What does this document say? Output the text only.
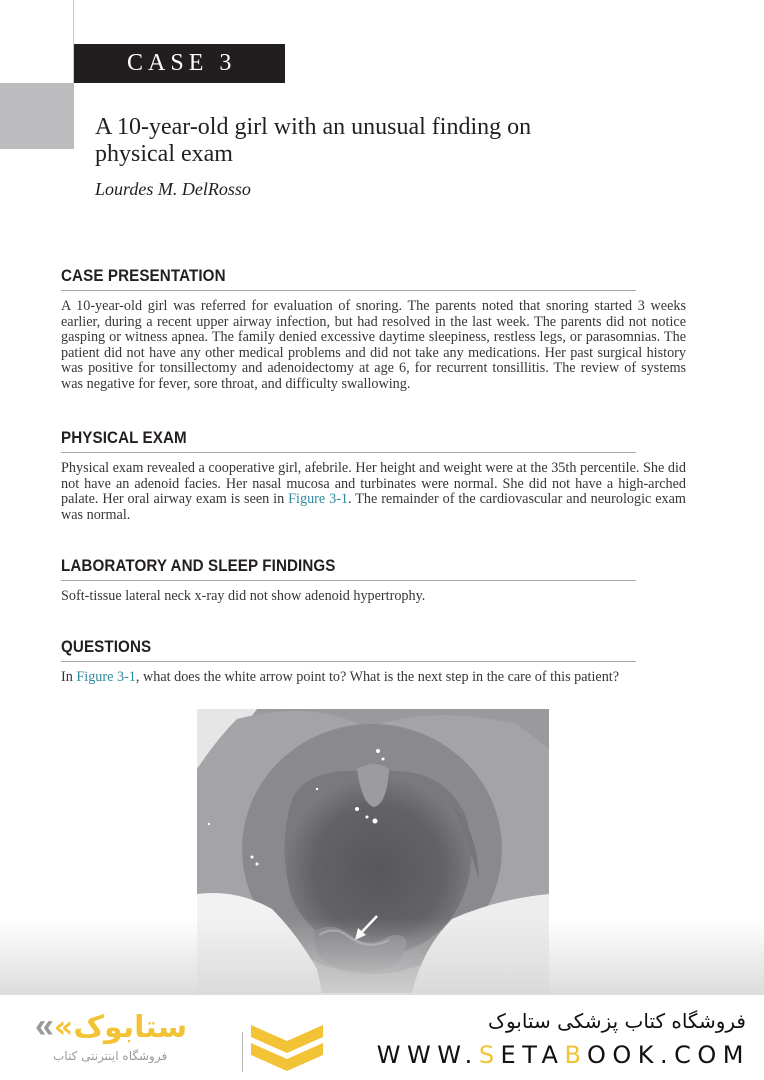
CASE 3
A 10-year-old girl with an unusual finding on
physical exam
Lourdes M. DelRosso
CASE PRESENTATION

A 10-year-old girl was referred for evaluation of snoring. The parents noted that snoring started 3 weeks earlier, during a recent upper airway infection, but had resolved in the last week. The parents did not notice gasping or witness apnea. The family denied excessive daytime sleepiness, restless legs, or parasomnias. The patient did not have any other medical problems and did not take any medications. Her past surgical history was positive for tonsillectomy and adenoidectomy at age 6, for recurrent tonsillitis. The review of systems was negative for fever, sore throat, and difficulty swallowing.

PHYSICAL EXAM

Physical exam revealed a cooperative girl, afebrile. Her height and weight were at the 35th percentile. She did not have an adenoid facies. Her nasal mucosa and turbinates were normal. She did not have a high-arched palate. Her oral airway exam is seen in Figure 3-1. The remainder of the cardiovascular and neurologic exam was normal.

LABORATORY AND SLEEP FINDINGS

Soft-tissue lateral neck x-ray did not show adenoid hypertrophy.

QUESTIONS

In Figure 3-1, what does the white arrow point to? What is the next step in the care of this patient?

««ستابوک
فروشگاه اینترنتی کتاب
فروشگاه کتاب پزشکی ستابوک
WWW.SETABOOK.COM
